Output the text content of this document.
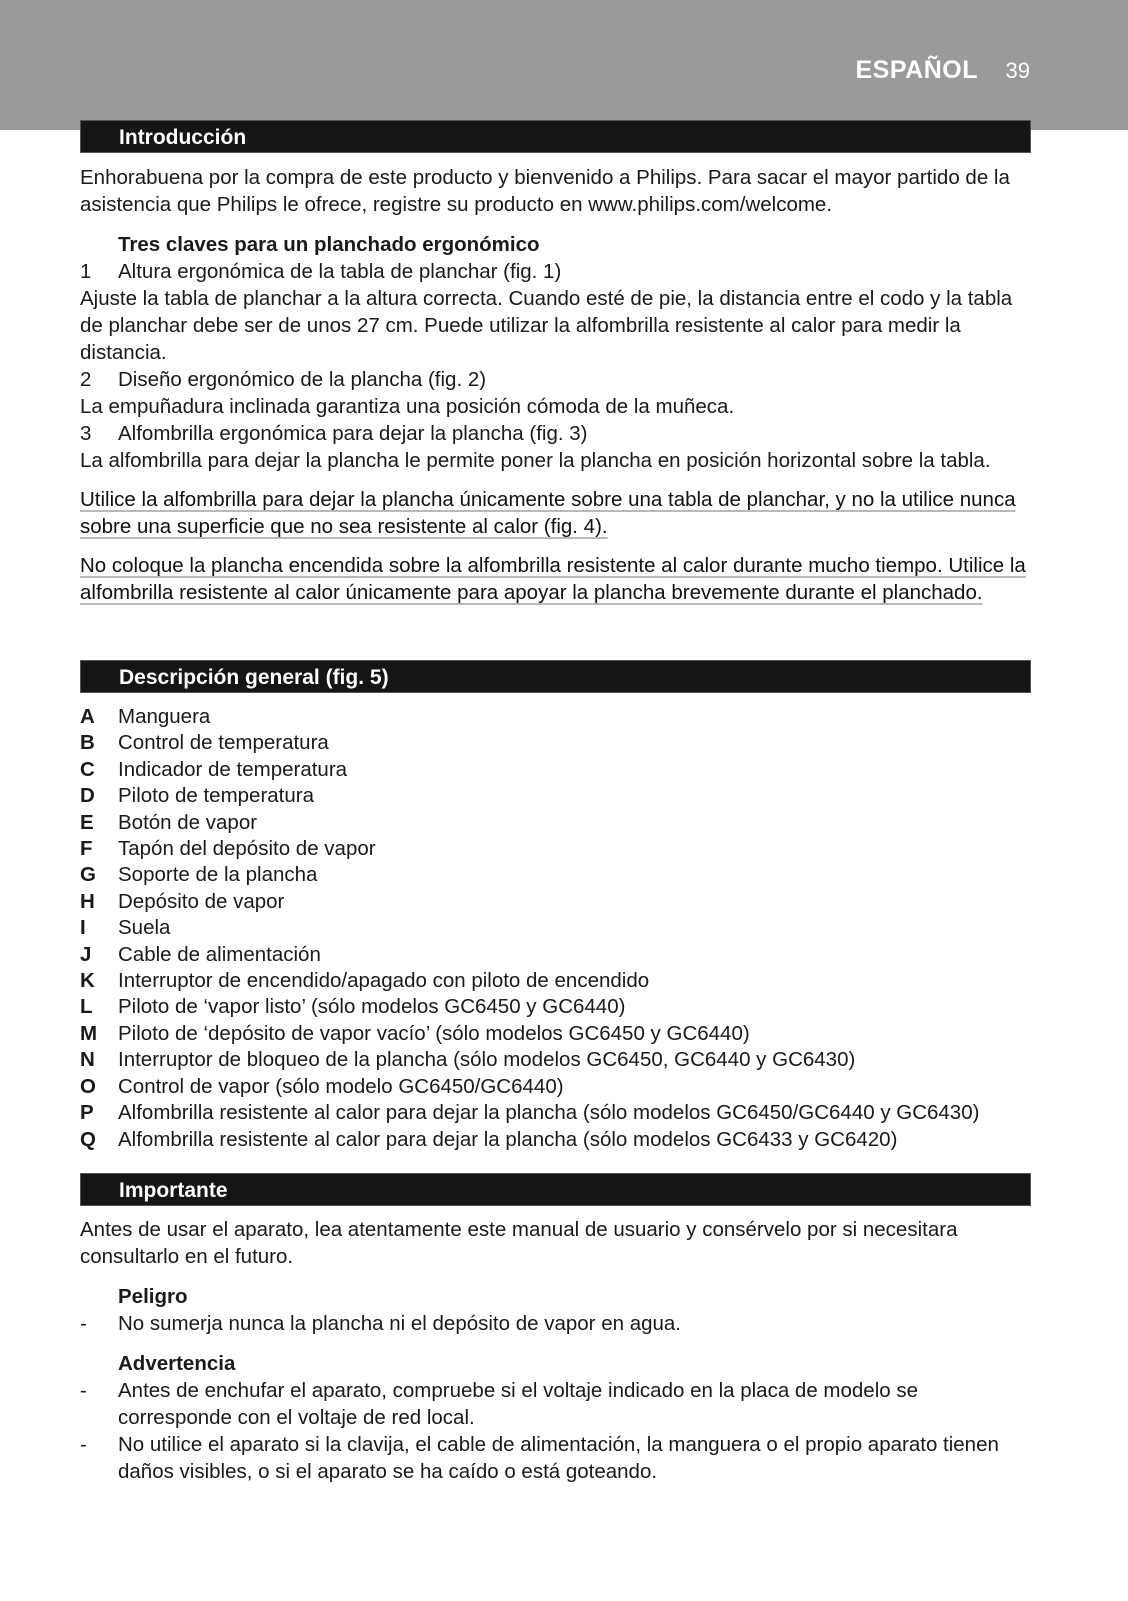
ESPAÑOL 39
Introducción

Enhorabuena por la compra de este producto y bienvenido a Philips. Para sacar el mayor partido de la asistencia que Philips le ofrece, registre su producto en www.philips.com/welcome.

Tres claves para un planchado ergonómico

1 Altura ergonómica de la tabla de planchar (fig. 1)

Ajuste la tabla de planchar a la altura correcta. Cuando esté de pie, la distancia entre el codo y la tabla de planchar debe ser de unos 27 cm. Puede utilizar la alfombrilla resistente al calor para medir la distancia.

2 Diseño ergonómico de la plancha (fig. 2)

La empuñadura inclinada garantiza una posición cómoda de la muñeca.

3 Alfombrilla ergonómica para dejar la plancha (fig. 3)

La alfombrilla para dejar la plancha le permite poner la plancha en posición horizontal sobre la tabla.

Utilice la alfombrilla para dejar la plancha únicamente sobre una tabla de planchar, y no la utilice nunca sobre una superficie que no sea resistente al calor (fig. 4).

No coloque la plancha encendida sobre la alfombrilla resistente al calor durante mucho tiempo. Utilice la alfombrilla resistente al calor únicamente para apoyar la plancha brevemente durante el planchado.

Descripción general (fig. 5)
A	Manguera
B	Control de temperatura
C	Indicador de temperatura
D	Piloto de temperatura
E	Botón de vapor
F	Tapón del depósito de vapor
G	Soporte de la plancha
H	Depósito de vapor
I	Suela
J	Cable de alimentación
K	Interruptor de encendido/apagado con piloto de encendido
L	Piloto de ‘vapor listo’ (sólo modelos GC6450 y GC6440)
M	Piloto de ‘depósito de vapor vacío’ (sólo modelos GC6450 y GC6440)
N	Interruptor de bloqueo de la plancha (sólo modelos GC6450, GC6440 y GC6430)
O	Control de vapor (sólo modelo GC6450/GC6440)
P	Alfombrilla resistente al calor para dejar la plancha (sólo modelos GC6450/GC6440 y GC6430)
Q	Alfombrilla resistente al calor para dejar la plancha (sólo modelos GC6433 y GC6420)
Importante

Antes de usar el aparato, lea atentamente este manual de usuario y consérvelo por si necesitara consultarlo en el futuro.

Peligro

-	No sumerja nunca la plancha ni el depósito de vapor en agua.

Advertencia

-	Antes de enchufar el aparato, compruebe si el voltaje indicado en la placa de modelo se corresponde con el voltaje de red local.
-	No utilice el aparato si la clavija, el cable de alimentación, la manguera o el propio aparato tienen daños visibles, o si el aparato se ha caído o está goteando.
